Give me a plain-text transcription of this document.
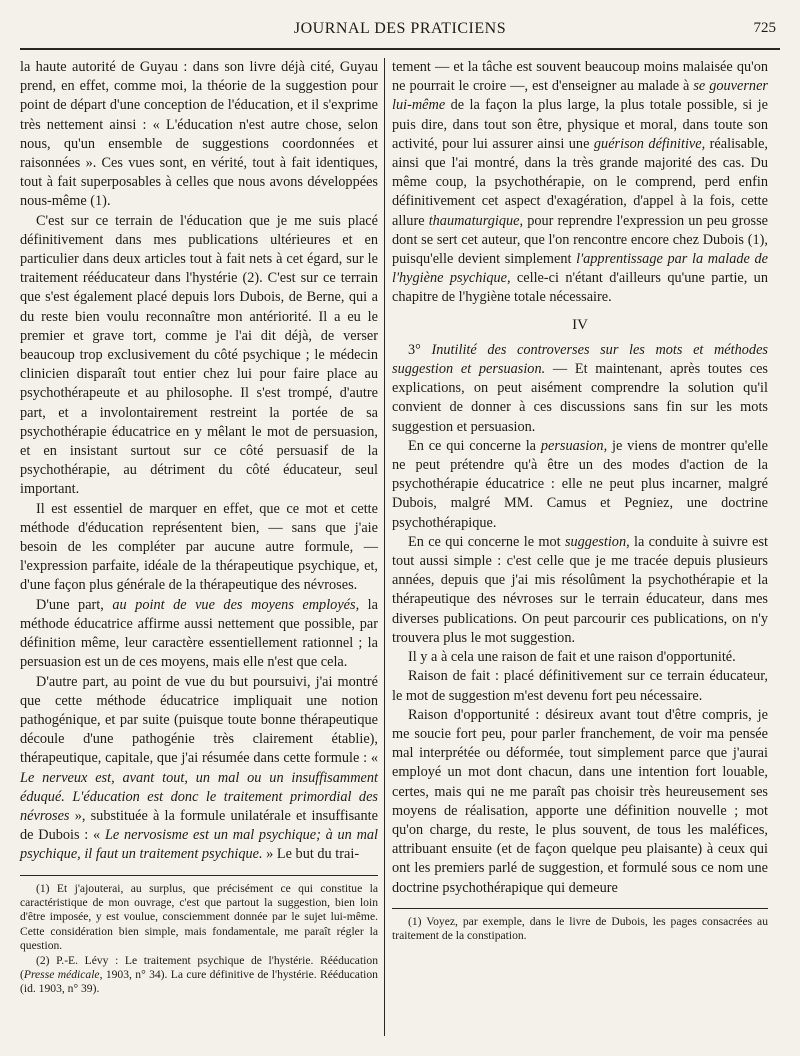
JOURNAL DES PRATICIENS	725

la haute autorité de Guyau : dans son livre déjà cité, Guyau prend, en effet, comme moi, la théorie de la suggestion pour point de départ d'une conception de l'éducation, et il s'exprime très nettement ainsi : « L'éducation n'est autre chose, selon nous, qu'un ensemble de suggestions coordonnées et raisonnées ». Ces vues sont, en vérité, tout à fait identiques, tout à fait superposables à celles que nous avons développées nous-même (1).

C'est sur ce terrain de l'éducation que je me suis placé définitivement dans mes publications ultérieures et en particulier dans deux articles tout à fait nets à cet égard, sur le traitement rééducateur dans l'hystérie (2). C'est sur ce terrain que s'est également placé depuis lors Dubois, de Berne, qui a du reste bien voulu reconnaître mon antériorité. Il a eu le premier et grave tort, comme je l'ai dit déjà, de verser beaucoup trop exclusivement du côté psychique ; le médecin clinicien disparaît tout entier chez lui pour faire place au psychothérapeute et au philosophe. Il s'est trompé, d'autre part, et a involontairement restreint la portée de sa psychothérapie éducatrice en y mêlant le mot de persuasion, et en insistant surtout sur ce côté persuasif de la psychothérapie, au détriment du côté éducateur, seul important.

Il est essentiel de marquer en effet, que ce mot et cette méthode d'éducation représentent bien, — sans que j'aie besoin de les compléter par aucune autre formule, — l'expression parfaite, idéale de la thérapeutique psychique, et, d'une façon plus générale de la thérapeutique des névroses.

D'une part, au point de vue des moyens employés, la méthode éducatrice affirme aussi nettement que possible, par définition même, leur caractère essentiellement rationnel ; la persuasion est un de ces moyens, mais elle n'est que cela.

D'autre part, au point de vue du but poursuivi, j'ai montré que cette méthode éducatrice impliquait une notion pathogénique, et par suite (puisque toute bonne thérapeutique découle d'une pathogénie très clairement établie), thérapeutique, capitale, que j'ai résumée dans cette formule : « Le nerveux est, avant tout, un mal ou un insuffisamment éduqué. L'éducation est donc le traitement primordial des névroses », substituée à la formule unilatérale et insuffisante de Dubois : « Le nervosisme est un mal psychique; à un mal psychique, il faut un traitement psychique. » Le but du trai-

(1) Et j'ajouterai, au surplus, que précisément ce qui constitue la caractéristique de mon ouvrage, c'est que partout la suggestion, bien loin d'être imposée, y est voulue, consciemment donnée par le sujet lui-même. Cette considération bien simple, mais fondamentale, me paraît régler la question.

(2) P.-E. Lévy : Le traitement psychique de l'hystérie. Rééducation (Presse médicale, 1903, n° 34). La cure définitive de l'hystérie. Rééducation (id. 1903, n° 39).

tement — et la tâche est souvent beaucoup moins malaisée qu'on ne pourrait le croire —, est d'enseigner au malade à se gouverner lui-même de la façon la plus large, la plus totale possible, si je puis dire, dans tout son être, physique et moral, dans toute son activité, pour lui assurer ainsi une guérison définitive, réalisable, ainsi que l'ai montré, dans la très grande majorité des cas. Du même coup, la psychothérapie, on le comprend, perd enfin définitivement cet aspect d'exagération, d'appel à la fois, cette allure thaumaturgique, pour reprendre l'expression un peu grosse dont se sert cet auteur, que l'on rencontre encore chez Dubois (1), puisqu'elle devient simplement l'apprentissage par la malade de l'hygiène psychique, celle-ci n'étant d'ailleurs qu'une partie, un chapitre de l'hygiène totale nécessaire.

IV

3° Inutilité des controverses sur les mots et méthodes suggestion et persuasion. — Et maintenant, après toutes ces explications, on peut aisément comprendre la solution qu'il convient de donner à ces discussions sans fin sur les mots suggestion et persuasion.

En ce qui concerne la persuasion, je viens de montrer qu'elle ne peut prétendre qu'à être un des modes d'action de la psychothérapie éducatrice : elle ne peut plus incarner, malgré Dubois, malgré MM. Camus et Pegniez, une doctrine psychothérapique.

En ce qui concerne le mot suggestion, la conduite à suivre est tout aussi simple : c'est celle que je me tracée depuis plusieurs années, depuis que j'ai mis résolûment la psychothérapie et la thérapeutique des névroses sur le terrain éducateur, dans mes diverses publications. On peut parcourir ces publications, on n'y trouvera plus le mot suggestion.

Il y a à cela une raison de fait et une raison d'opportunité.

Raison de fait : placé définitivement sur ce terrain éducateur, le mot de suggestion m'est devenu fort peu nécessaire.

Raison d'opportunité : désireux avant tout d'être compris, je me soucie fort peu, pour parler franchement, de voir ma pensée mal interprétée ou déformée, tout simplement parce que j'aurai employé un mot dont chacun, dans une intention fort louable, certes, mais qui ne me paraît pas choisir très heureusement ses moyens de réalisation, apporte une définition nouvelle ; mot qu'on charge, du reste, le plus souvent, de tous les maléfices, attribuant ensuite (et de façon quelque peu plaisante) à ceux qui ont les premiers parlé de suggestion, et formulé sous ce nom une doctrine psychothérapique qui demeure

(1) Voyez, par exemple, dans le livre de Dubois, les pages consacrées au traitement de la constipation.
